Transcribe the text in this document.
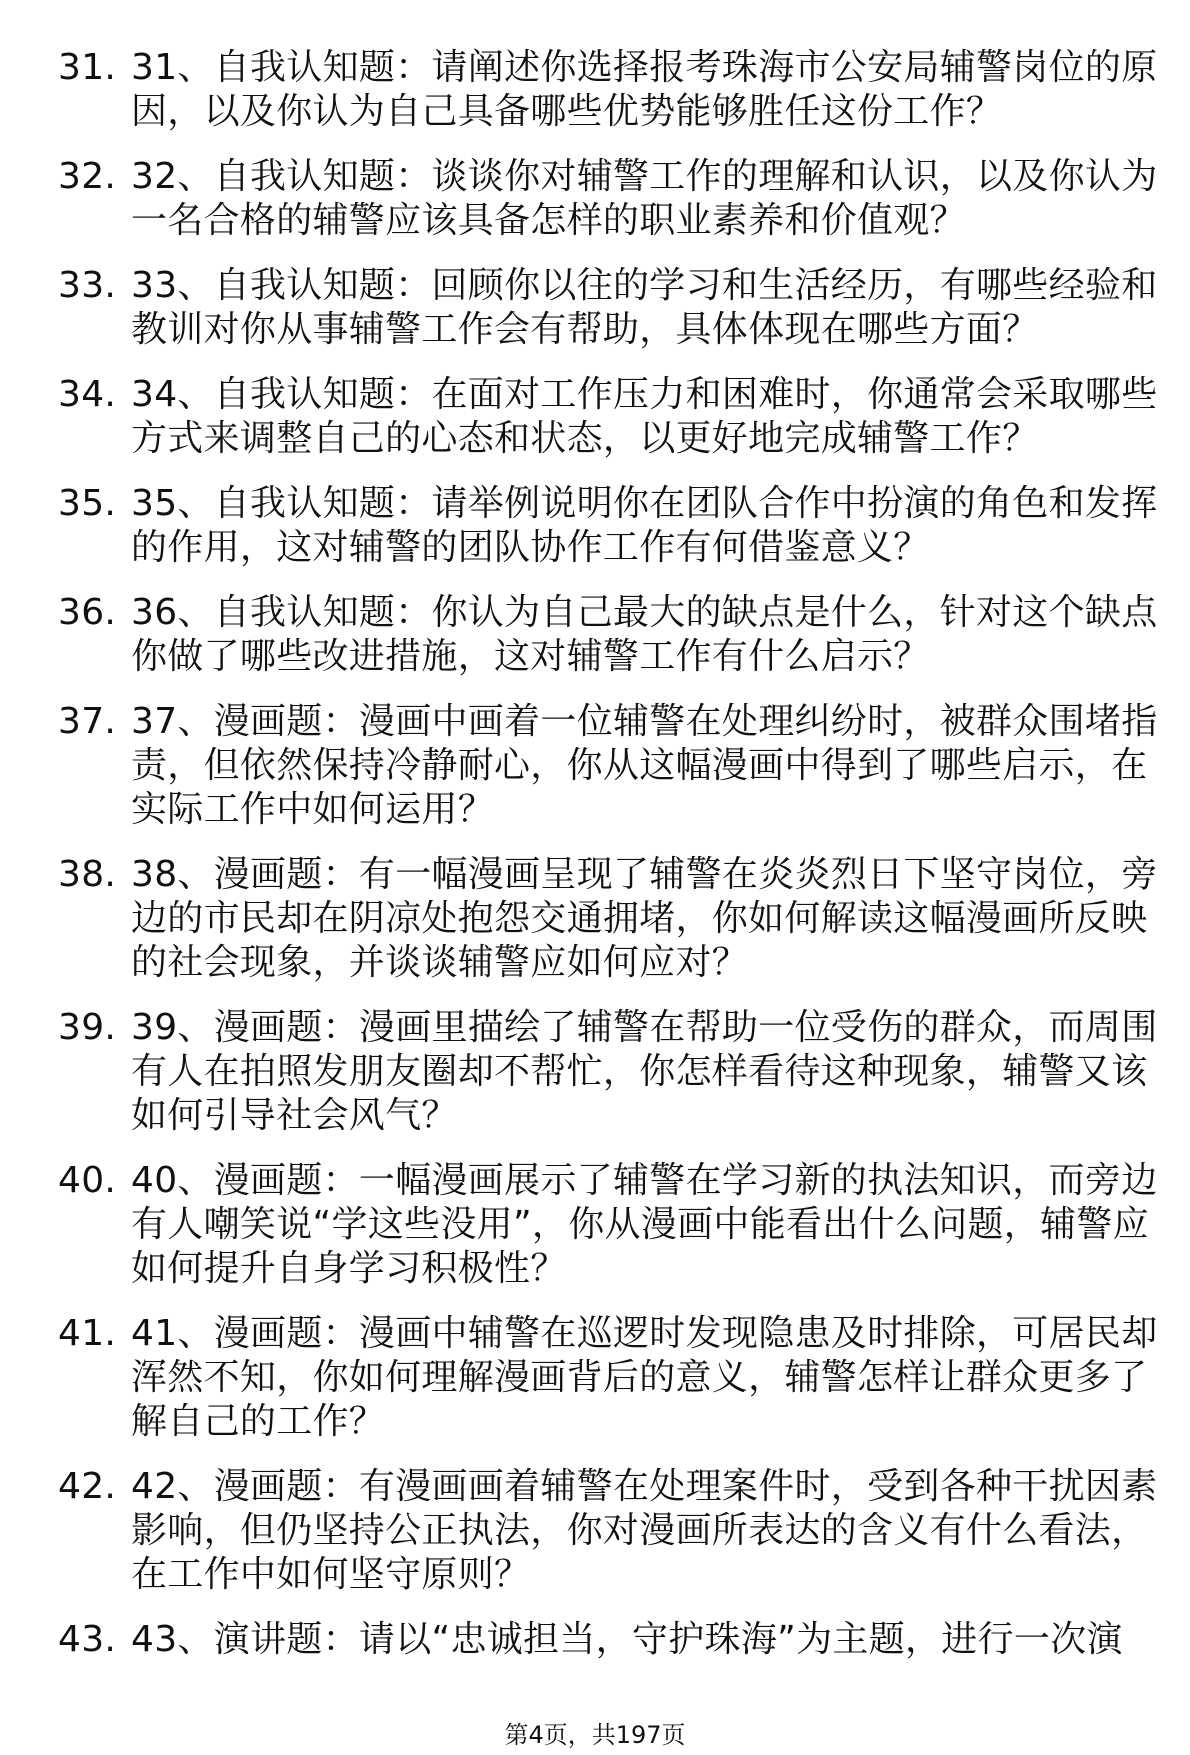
31. 31、自我认知题：请阐述你选择报考珠海市公安局辅警岗位的原因，以及你认为自己具备哪些优势能够胜任这份工作？
32. 32、自我认知题：谈谈你对辅警工作的理解和认识，以及你认为一名合格的辅警应该具备怎样的职业素养和价值观？
33. 33、自我认知题：回顾你以往的学习和生活经历，有哪些经验和教训对你从事辅警工作会有帮助，具体体现在哪些方面？
34. 34、自我认知题：在面对工作压力和困难时，你通常会采取哪些方式来调整自己的心态和状态，以更好地完成辅警工作？
35. 35、自我认知题：请举例说明你在团队合作中扮演的角色和发挥的作用，这对辅警的团队协作工作有何借鉴意义？
36. 36、自我认知题：你认为自己最大的缺点是什么，针对这个缺点你做了哪些改进措施，这对辅警工作有什么启示？
37. 37、漫画题：漫画中画着一位辅警在处理纠纷时，被群众围堵指责，但依然保持冷静耐心，你从这幅漫画中得到了哪些启示，在实际工作中如何运用？
38. 38、漫画题：有一幅漫画呈现了辅警在炎炎烈日下坚守岗位，旁边的市民却在阴凉处抱怨交通拥堵，你如何解读这幅漫画所反映的社会现象，并谈谈辅警应如何应对？
39. 39、漫画题：漫画里描绘了辅警在帮助一位受伤的群众，而周围有人在拍照发朋友圈却不帮忙，你怎样看待这种现象，辅警又该如何引导社会风气？
40. 40、漫画题：一幅漫画展示了辅警在学习新的执法知识，而旁边有人嘲笑说“学这些没用”，你从漫画中能看出什么问题，辅警应如何提升自身学习积极性？
41. 41、漫画题：漫画中辅警在巡逻时发现隐患及时排除，可居民却浑然不知，你如何理解漫画背后的意义，辅警怎样让群众更多了解自己的工作？
42. 42、漫画题：有漫画画着辅警在处理案件时，受到各种干扰因素影响，但仍坚持公正执法，你对漫画所表达的含义有什么看法，在工作中如何坚守原则？
43. 43、演讲题：请以“忠诚担当，守护珠海”为主题，进行一次演
第4页，共197页
